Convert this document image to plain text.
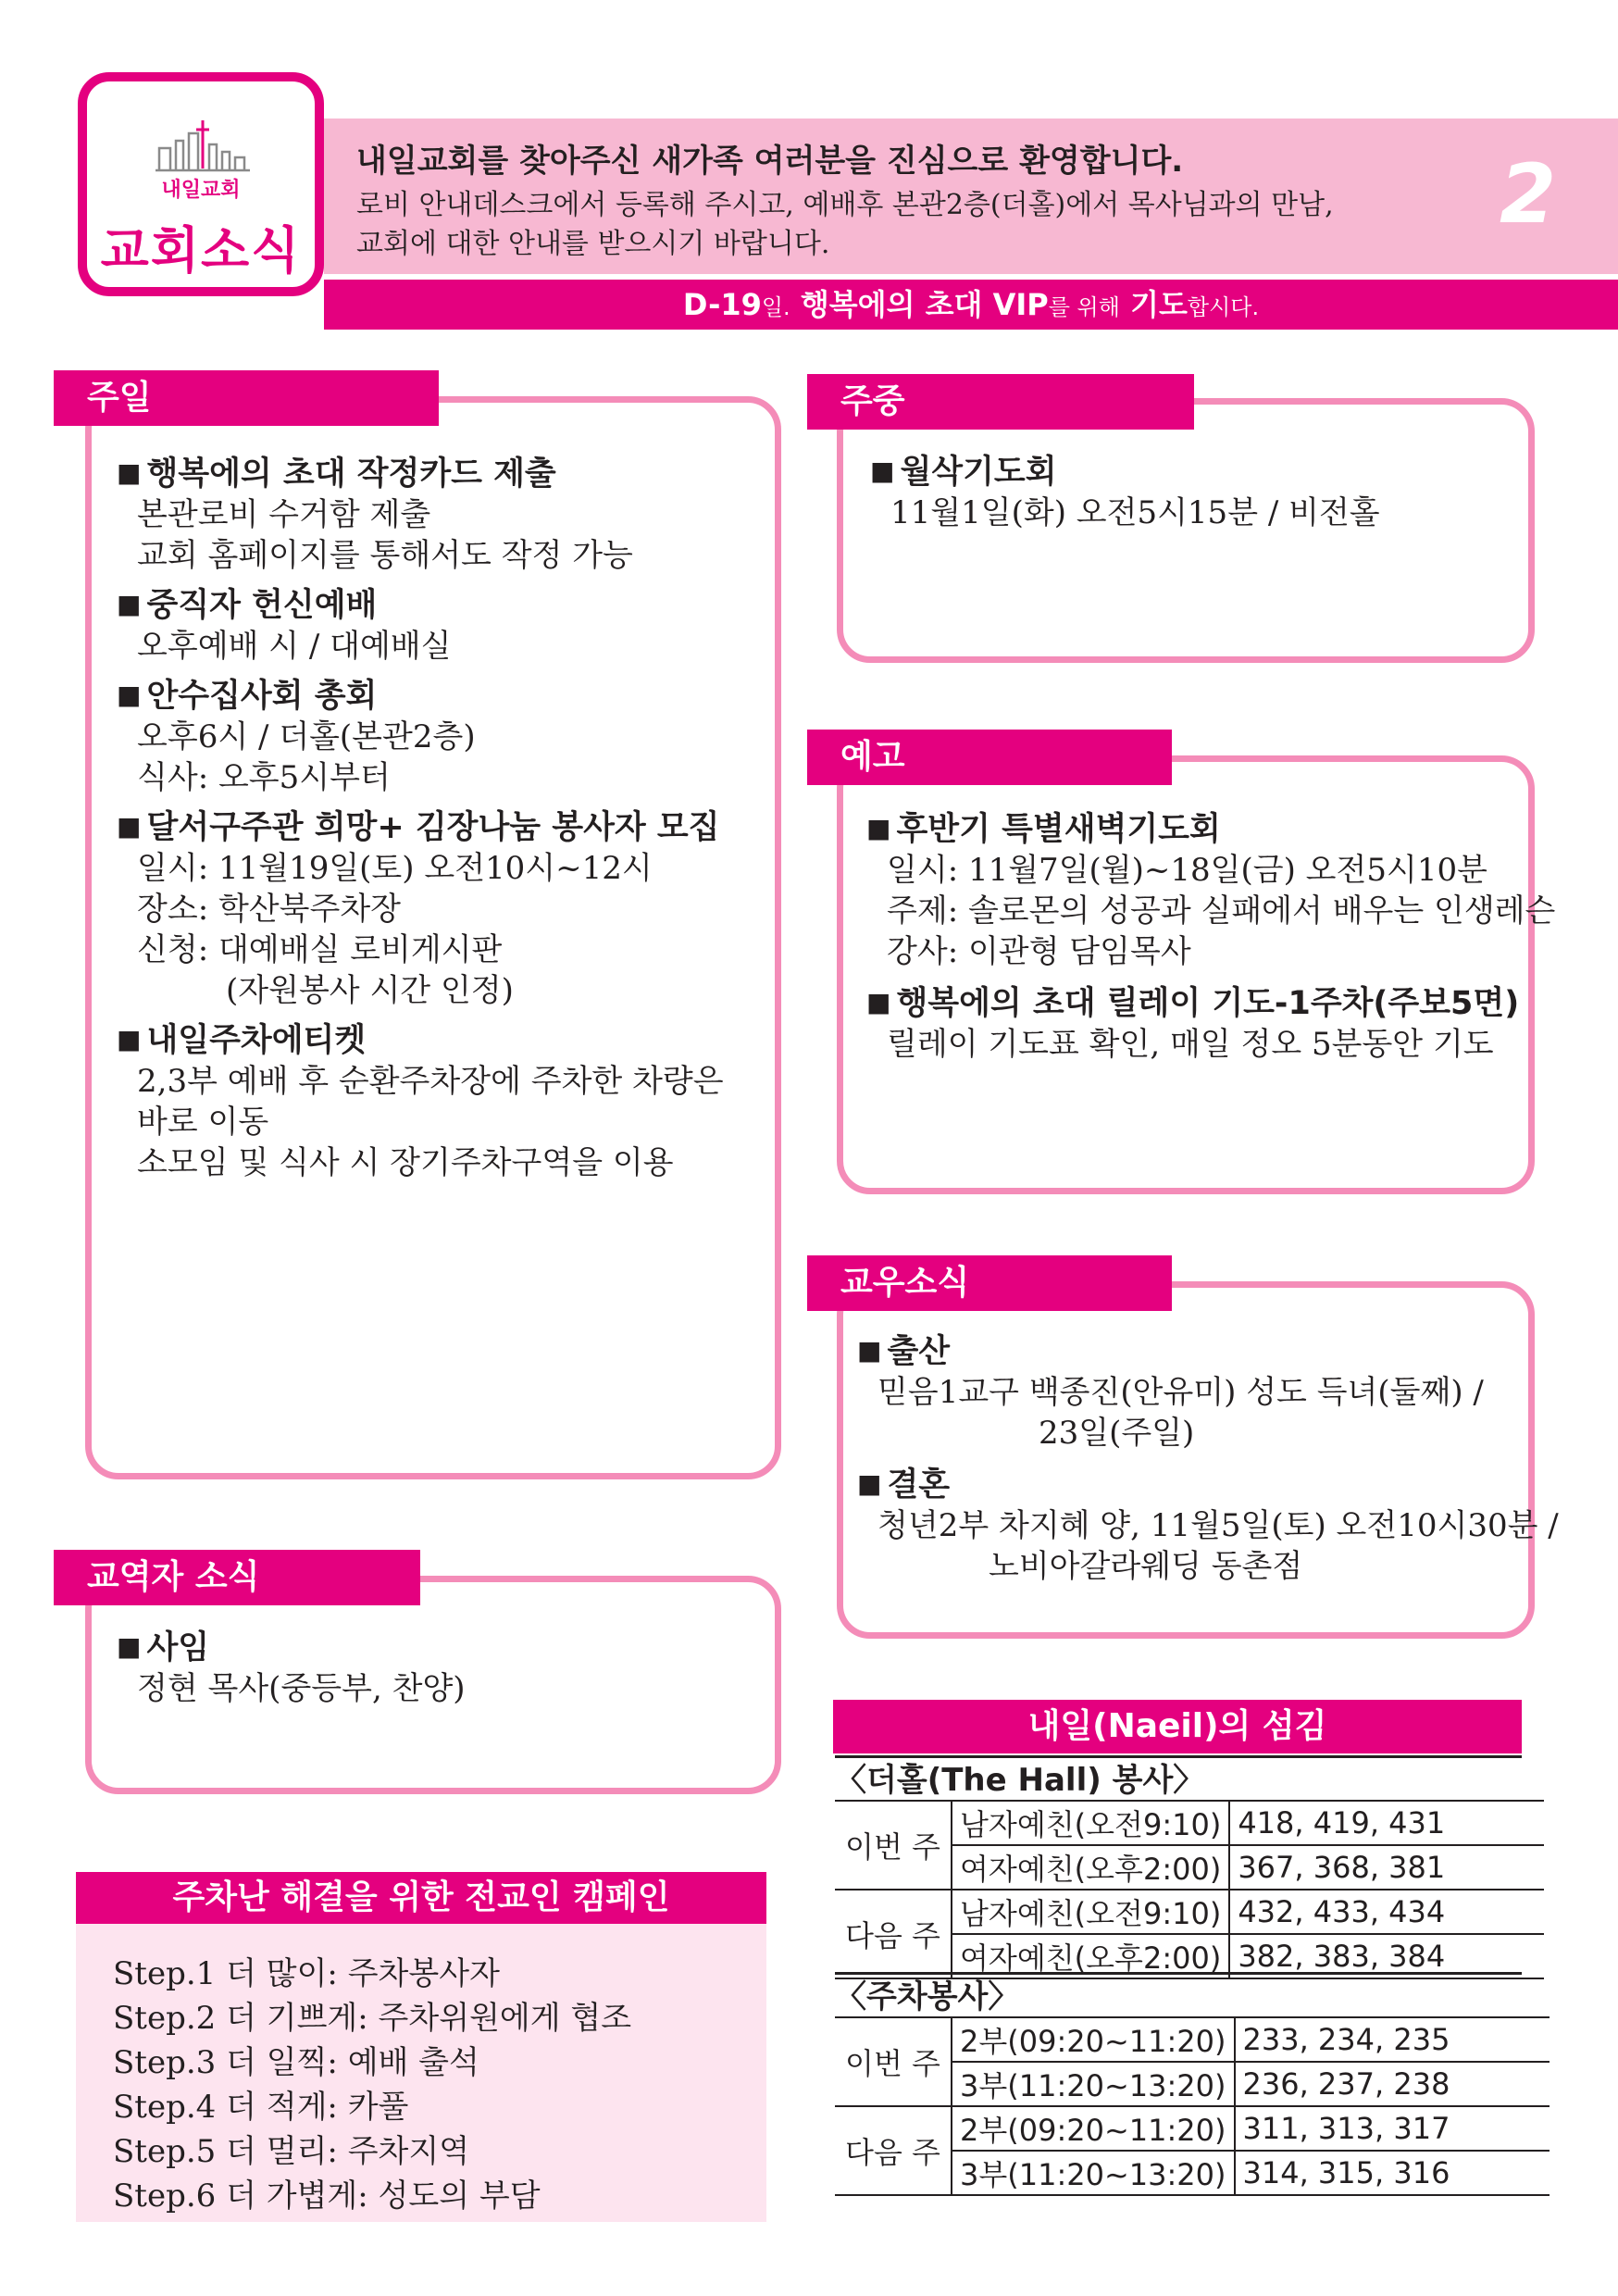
내일교회
교회소식
내일교회를 찾아주신 새가족 여러분을 진심으로 환영합니다.
로비 안내데스크에서 등록해 주시고, 예배후 본관2층(더홀)에서 목사님과의 만남,
교회에 대한 안내를 받으시기 바랍니다.
2
D-19일. 행복에의 초대 VIP를 위해 기도합시다.
주일
■ 행복에의 초대 작정카드 제출
본관로비 수거함 제출
교회 홈페이지를 통해서도 작정 가능
■ 중직자 헌신예배
오후예배 시 / 대예배실
■ 안수집사회 총회
오후6시 / 더홀(본관2층)
식사: 오후5시부터
■ 달서구주관 희망+ 김장나눔 봉사자 모집
일시: 11월19일(토) 오전10시~12시
장소: 학산북주차장
신청: 대예배실 로비게시판
(자원봉사 시간 인정)
■ 내일주차에티켓
2,3부 예배 후 순환주차장에 주차한 차량은
바로 이동
소모임 및 식사 시 장기주차구역을 이용
교역자 소식
■ 사임
정현 목사(중등부, 찬양)
주차난 해결을 위한 전교인 캠페인
Step.1 더 많이: 주차봉사자
Step.2 더 기쁘게: 주차위원에게 협조
Step.3 더 일찍: 예배 출석
Step.4 더 적게: 카풀
Step.5 더 멀리: 주차지역
Step.6 더 가볍게: 성도의 부담
주중
■ 월삭기도회
11월1일(화) 오전5시15분 / 비전홀
예고
■ 후반기 특별새벽기도회
일시: 11월7일(월)~18일(금) 오전5시10분
주제: 솔로몬의 성공과 실패에서 배우는 인생레슨
강사: 이관형 담임목사
■ 행복에의 초대 릴레이 기도-1주차(주보5면)
릴레이 기도표 확인, 매일 정오 5분동안 기도
교우소식
■ 출산
믿음1교구 백종진(안유미) 성도 득녀(둘째) /
23일(주일)
■ 결혼
청년2부 차지혜 양, 11월5일(토) 오전10시30분 /
노비아갈라웨딩 동촌점
내일(Naeil)의 섬김
〈더홀(The Hall) 봉사〉
이번 주	남자예친(오전9:10)	418, 419, 431
	여자예친(오후2:00)	367, 368, 381
다음 주	남자예친(오전9:10)	432, 433, 434
	여자예친(오후2:00)	382, 383, 384
〈주차봉사〉
이번 주	2부(09:20~11:20)	233, 234, 235
	3부(11:20~13:20)	236, 237, 238
다음 주	2부(09:20~11:20)	311, 313, 317
	3부(11:20~13:20)	314, 315, 316
